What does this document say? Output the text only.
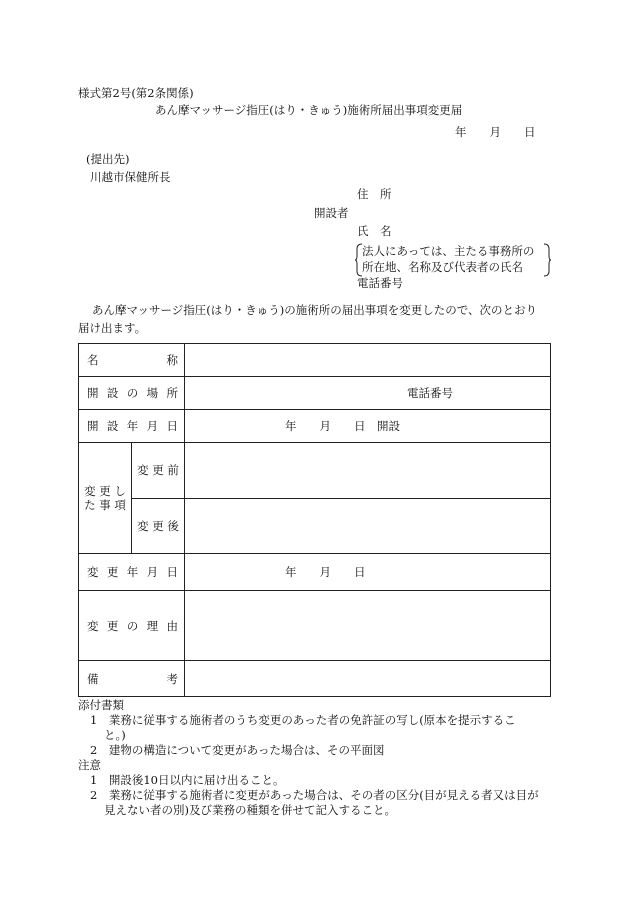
様式第2号(第2条関係)
あん摩マッサージ指圧(はり・きゅう)施術所届出事項変更届
年　　月　　日
(提出先)
川越市保健所長
住　所
開設者
氏　名
法人にあっては、主たる事務所の
所在地、名称及び代表者の氏名
電話番号
あん摩マッサージ指圧(はり・きゅう)の施術所の届出事項を変更したので、次のとおり
届け出ます。
名 称		

開 設 の 場 所		電話番号

開 設 年 月 日		年　　月　　日　開設

変 更 し
た 事 項	変 更 前	
	変 更 後	

変 更 年 月 日		年　　月　　日

変 更 の 理 由		

備 考		

添付書類
1　業務に従事する施術者のうち変更のあった者の免許証の写し(原本を提示するこ
と。)
2　建物の構造について変更があった場合は、その平面図
注意
1　開設後10日以内に届け出ること。
2　業務に従事する施術者に変更があった場合は、その者の区分(目が見える者又は目が
見えない者の別)及び業務の種類を併せて記入すること。
